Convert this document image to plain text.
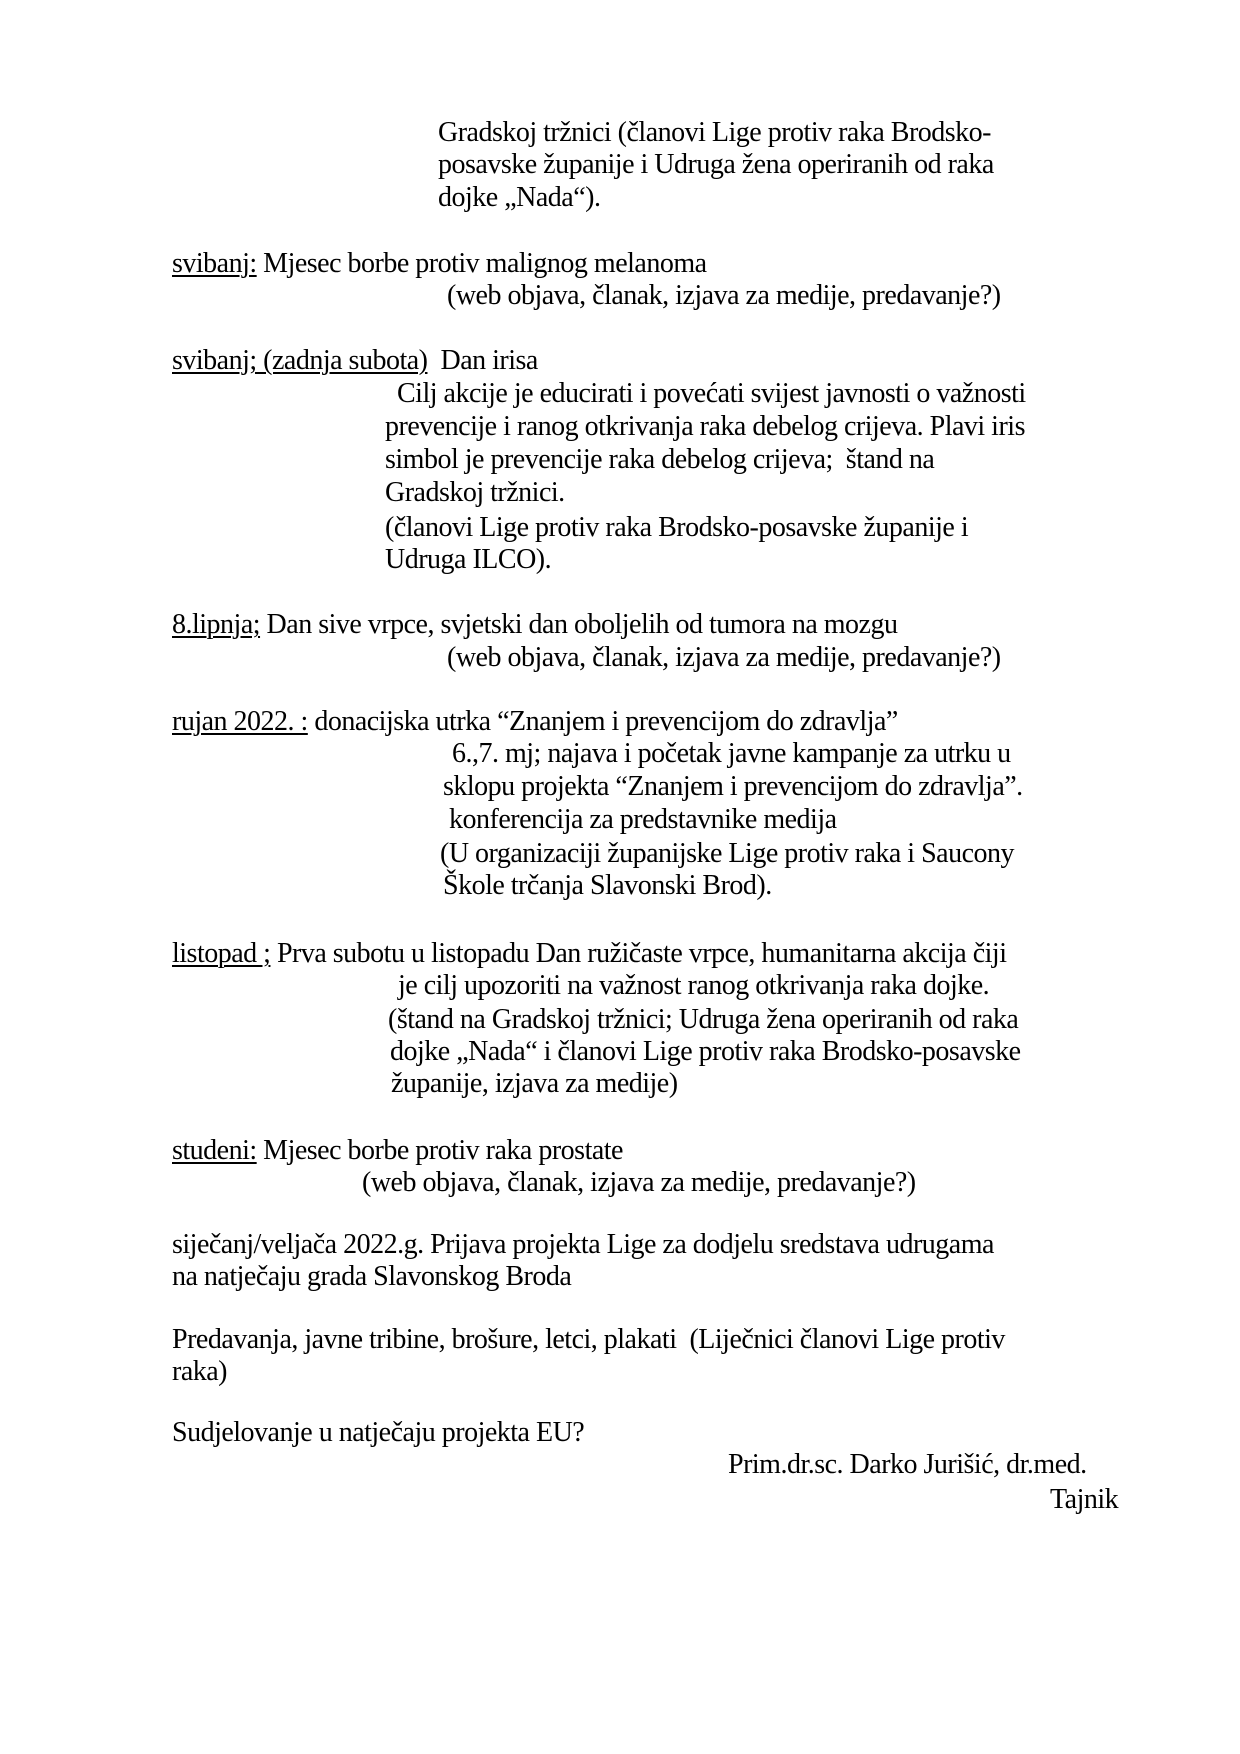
Gradskoj tržnici (članovi Lige protiv raka Brodsko-
posavske županije i Udruga žena operiranih od raka
dojke „Nada“).
svibanj: Mjesec borbe protiv malignog melanoma
(web objava, članak, izjava za medije, predavanje?)
svibanj; (zadnja subota)  Dan irisa
Cilj akcije je educirati i povećati svijest javnosti o važnosti
prevencije i ranog otkrivanja raka debelog crijeva. Plavi iris
simbol je prevencije raka debelog crijeva;  štand na
Gradskoj tržnici.
(članovi Lige protiv raka Brodsko-posavske županije i
Udruga ILCO).
8.lipnja; Dan sive vrpce, svjetski dan oboljelih od tumora na mozgu
(web objava, članak, izjava za medije, predavanje?)
rujan 2022. : donacijska utrka “Znanjem i prevencijom do zdravlja”
6.,7. mj; najava i početak javne kampanje za utrku u
sklopu projekta “Znanjem i prevencijom do zdravlja”.
konferencija za predstavnike medija
(U organizaciji županijske Lige protiv raka i Saucony
Škole trčanja Slavonski Brod).
listopad ; Prva subotu u listopadu Dan ružičaste vrpce, humanitarna akcija čiji
je cilj upozoriti na važnost ranog otkrivanja raka dojke.
(štand na Gradskoj tržnici; Udruga žena operiranih od raka
dojke „Nada“ i članovi Lige protiv raka Brodsko-posavske
županije, izjava za medije)
studeni: Mjesec borbe protiv raka prostate
(web objava, članak, izjava za medije, predavanje?)
siječanj/veljača 2022.g. Prijava projekta Lige za dodjelu sredstava udrugama
na natječaju grada Slavonskog Broda
Predavanja, javne tribine, brošure, letci, plakati  (Liječnici članovi Lige protiv
raka)
Sudjelovanje u natječaju projekta EU?
Prim.dr.sc. Darko Jurišić, dr.med.
Tajnik
